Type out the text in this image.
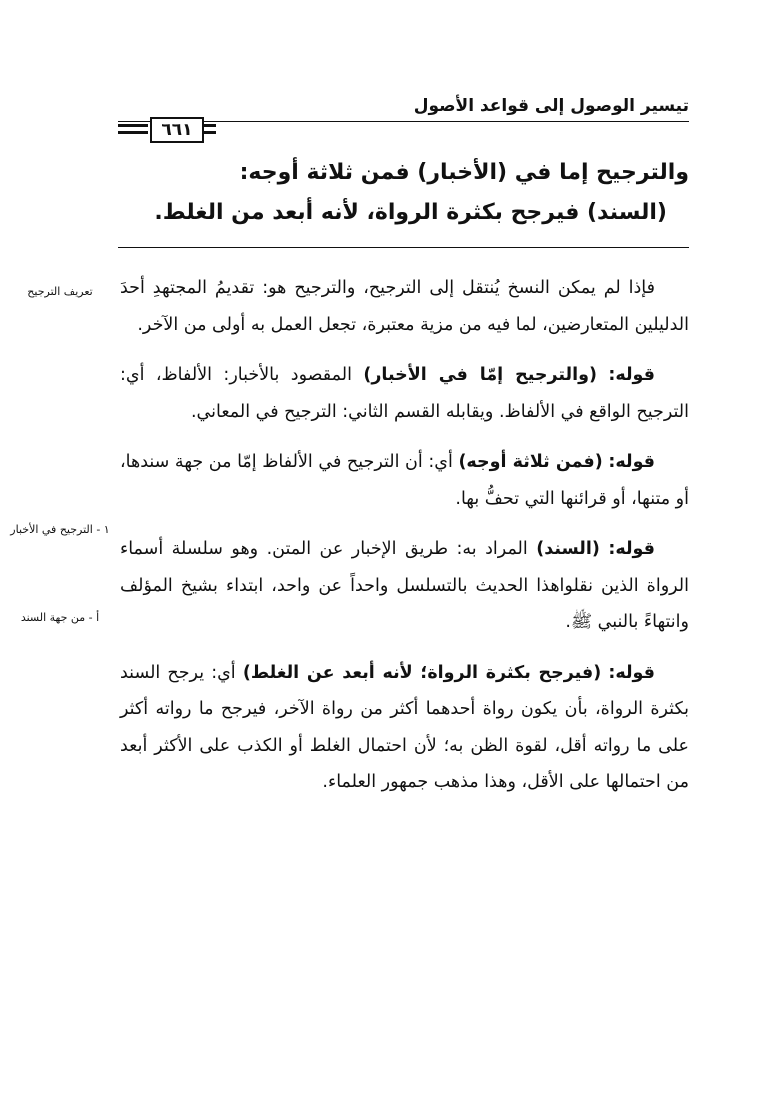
تيسير الوصول إلى قواعد الأصول
٦٦١
والترجيح إما في (الأخبار) فمن ثلاثة أوجه:
(السند) فيرجح بكثرة الرواة، لأنه أبعد من الغلط.
تعريف الترجيح
١ - الترجيح في الأخبار
أ - من جهة السند

فإذا لم يمكن النسخ يُنتقل إلى الترجيح، والترجيح هو: تقديمُ المجتهدِ أحدَ الدليلين المتعارضين، لما فيه من مزية معتبرة، تجعل العمل به أولى من الآخر.

قوله: (والترجيح إمّا في الأخبار) المقصود بالأخبار: الألفاظ، أي: الترجيح الواقع في الألفاظ. ويقابله القسم الثاني: الترجيح في المعاني.

قوله: (فمن ثلاثة أوجه) أي: أن الترجيح في الألفاظ إمّا من جهة سندها، أو متنها، أو قرائنها التي تحفُّ بها.

قوله: (السند) المراد به: طريق الإخبار عن المتن. وهو سلسلة أسماء الرواة الذين نقلواهذا الحديث بالتسلسل واحداً عن واحد، ابتداء بشيخ المؤلف وانتهاءً بالنبي ﷺ.

قوله: (فيرجح بكثرة الرواة؛ لأنه أبعد عن الغلط) أي: يرجح السند بكثرة الرواة، بأن يكون رواة أحدهما أكثر من رواة الآخر، فيرجح ما رواته أكثر على ما رواته أقل، لقوة الظن به؛ لأن احتمال الغلط أو الكذب على الأكثر أبعد من احتمالها على الأقل، وهذا مذهب جمهور العلماء.
